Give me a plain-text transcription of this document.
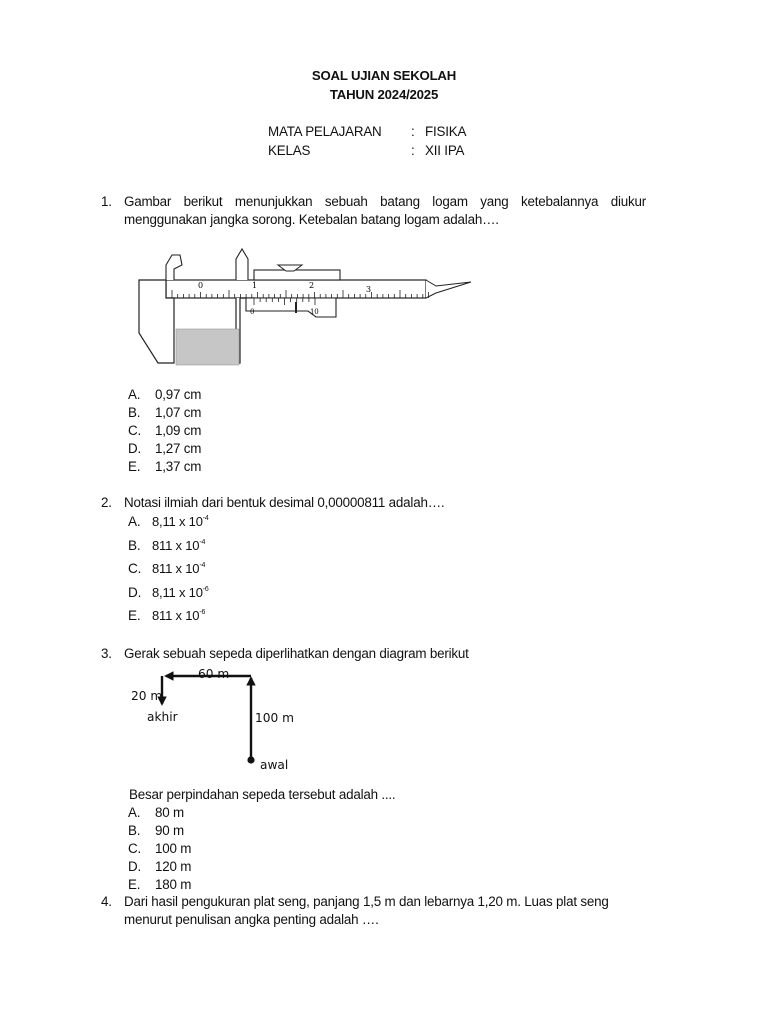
SOAL UJIAN SEKOLAH
TAHUN 2024/2025
MATA PELAJARAN : FISIKA
KELAS	: XII IPA
1. Gambar berikut menunjukkan sebuah batang logam yang ketebalannya diukur
menggunakan jangka sorong. Ketebalan batang logam adalah….
0	1	2	3
0	10
A. 0,97 cm
B. 1,07 cm
C. 1,09 cm
D. 1,27 cm
E. 1,37 cm
2. Notasi ilmiah dari bentuk desimal 0,00000811 adalah….
A. 8,11 x $10^{-4}$
B. 811 x $10^{-4}$
C. 811 x $10^{-4}$
D. 8,11 x $10^{-6}$
E. 811 x $10^{-6}$
3. Gerak sebuah sepeda diperlihatkan dengan diagram berikut
60 m
20 m
akhir	100 m
awal
Besar perpindahan sepeda tersebut adalah ....
A. 80 m
B. 90 m
C. 100 m
D. 120 m
E. 180 m
4. Dari hasil pengukuran plat seng, panjang 1,5 m dan lebarnya 1,20 m. Luas plat seng
menurut penulisan angka penting adalah ….
